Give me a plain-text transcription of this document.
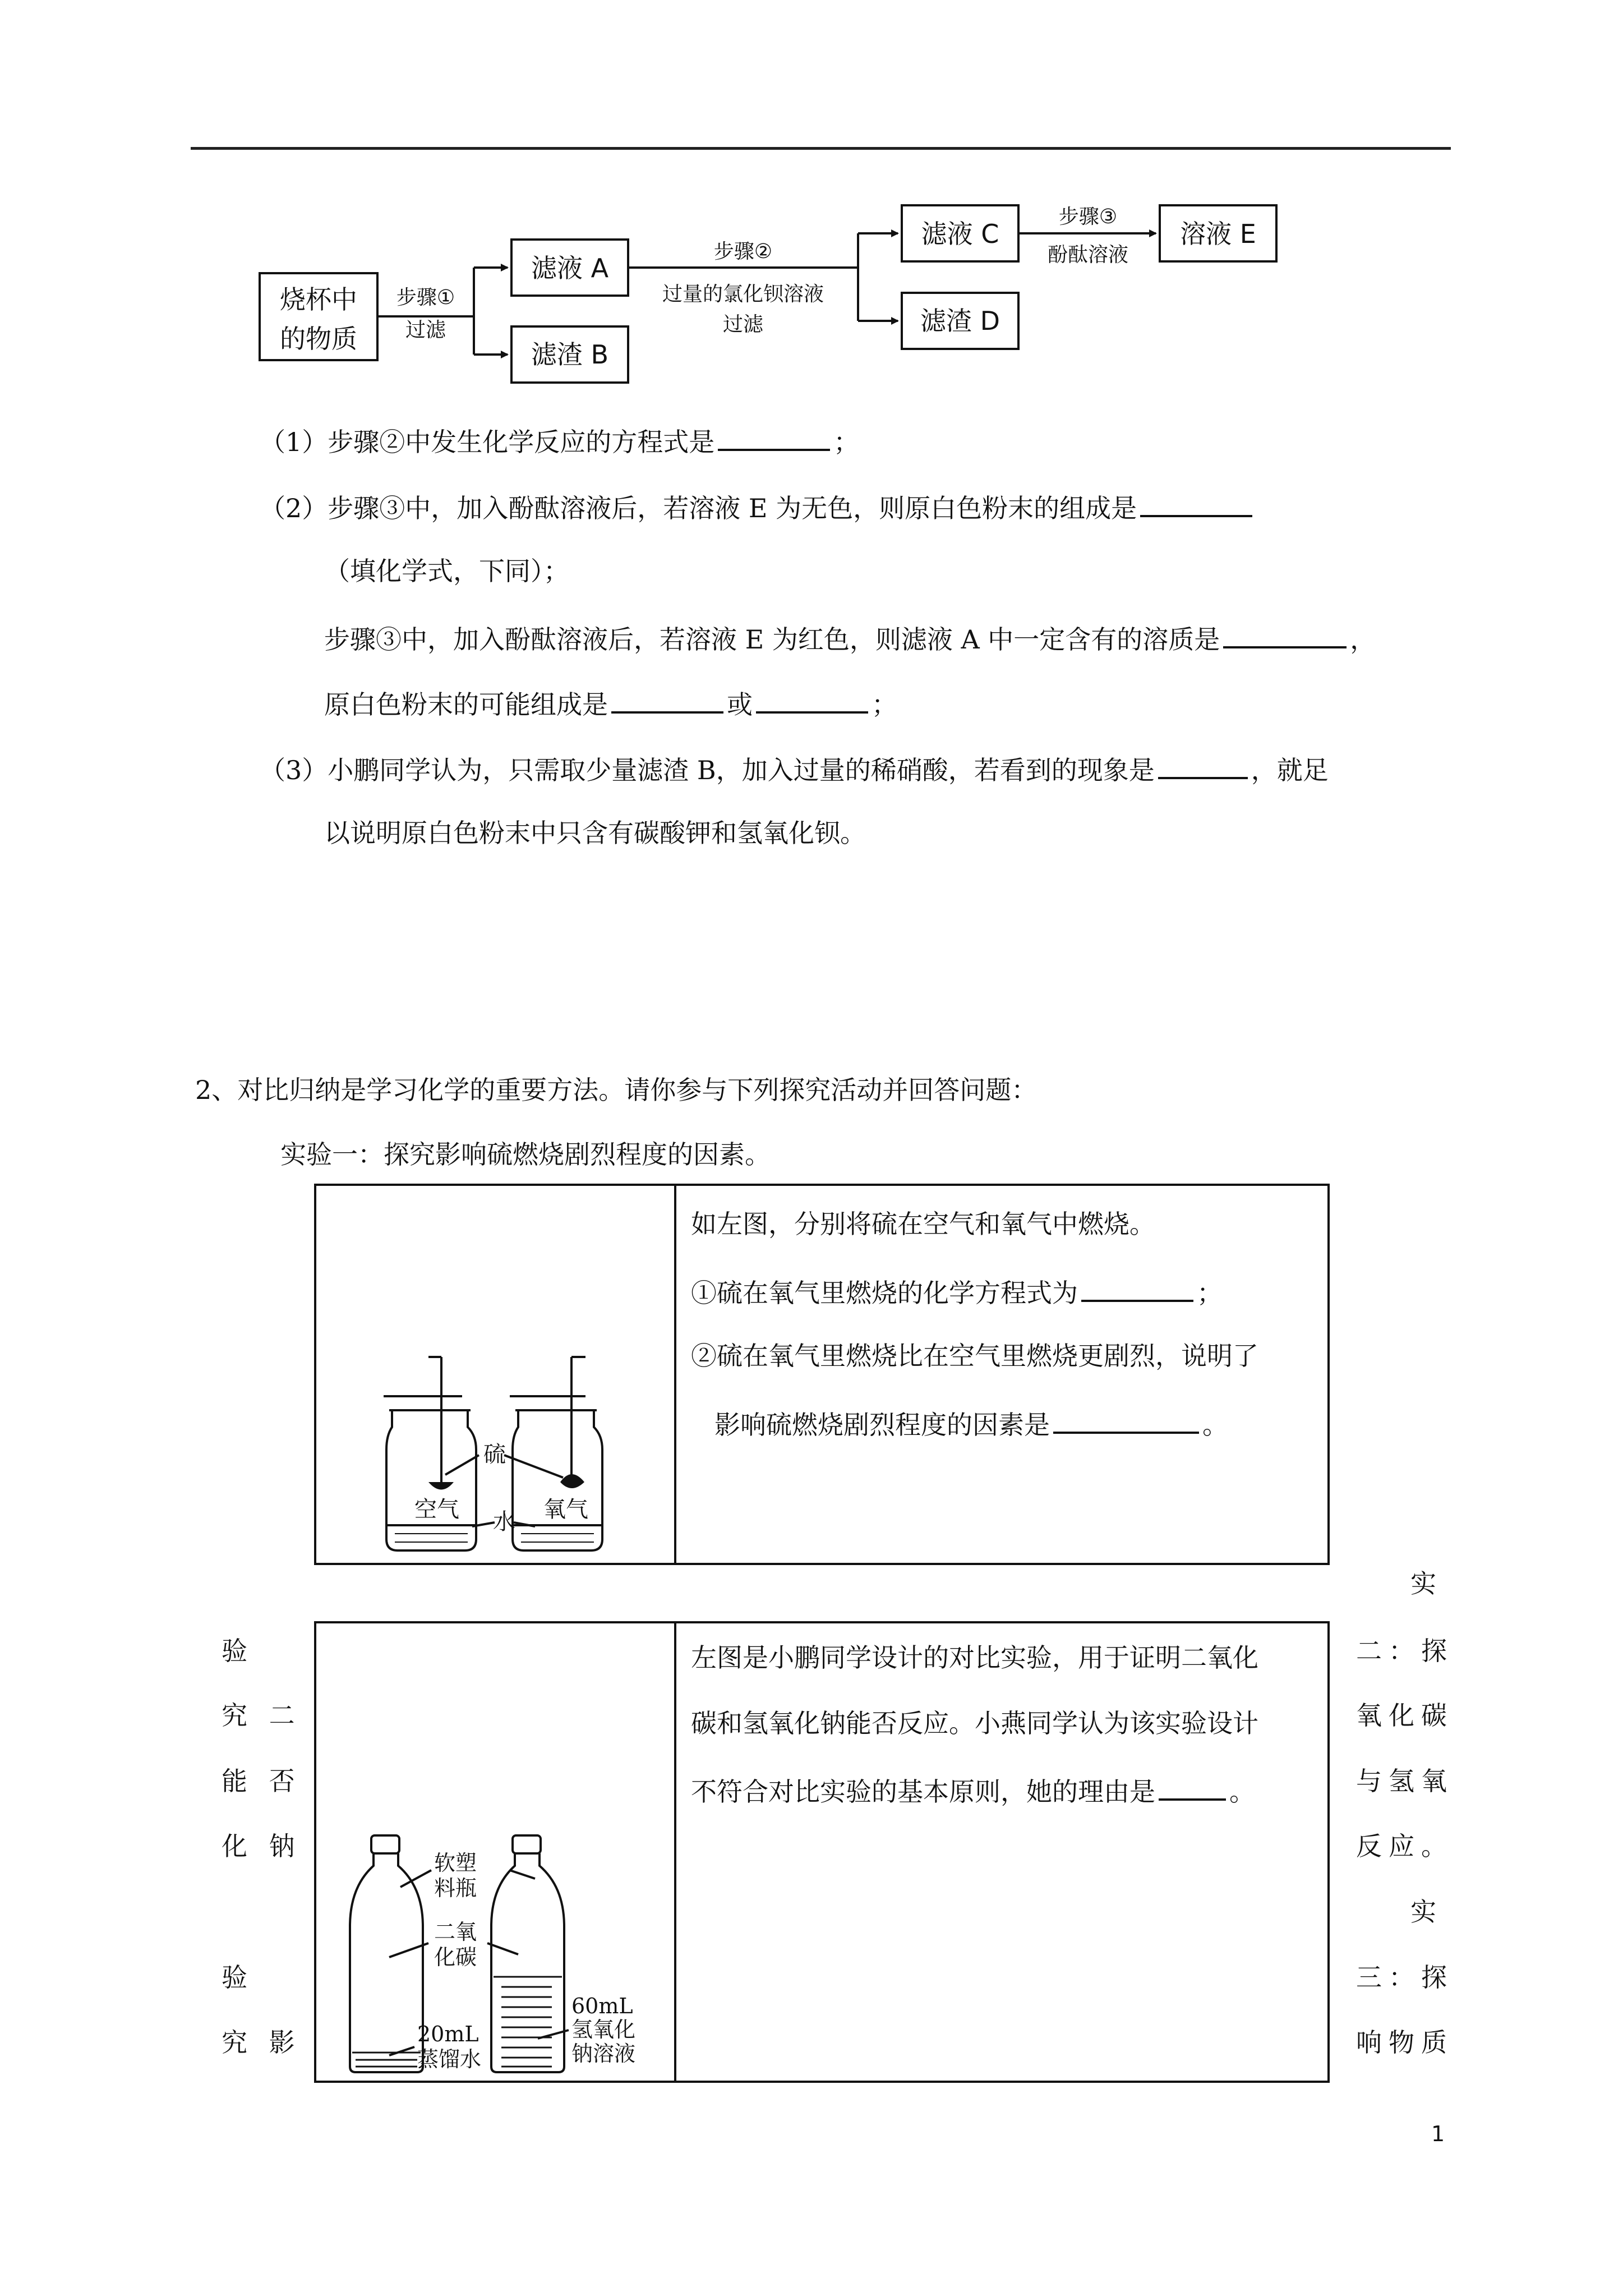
烧杯中
的物质
步骤①
过滤
滤液 A
滤渣 B
步骤②
过量的氯化钡溶液
过滤
滤液 C
滤渣 D
步骤③
酚酞溶液
溶液 E
（1）步骤②中发生化学反应的方程式是	；
（2）步骤③中，加入酚酞溶液后，若溶液 E 为无色，则原白色粉末的组成是
（填化学式，下同）；
步骤③中，加入酚酞溶液后，若溶液 E 为红色，则滤液 A 中一定含有的溶质是	，
原白色粉末的可能组成是	或	；
（3）小鹏同学认为，只需取少量滤渣 B，加入过量的稀硝酸，若看到的现象是	，就足
以说明原白色粉末中只含有碳酸钾和氢氧化钡。
2、对比归纳是学习化学的重要方法。请你参与下列探究活动并回答问题：
实验一：探究影响硫燃烧剧烈程度的因素。
硫
空气 水 氧气
如左图，分别将硫在空气和氧气中燃烧。
①硫在氧气里燃烧的化学方程式为	；
②硫在氧气里燃烧比在空气里燃烧更剧烈，说明了
影响硫燃烧剧烈程度的因素是	。
验
究 二
能 否
化 钠
验
究 影
实
二：探
氧化碳
与氢氧
反应。
实
三：探
响物质
软塑
料瓶
二氧
化碳
20mL
蒸馏水
60mL
氢氧化
钠溶液
左图是小鹏同学设计的对比实验，用于证明二氧化
碳和氢氧化钠能否反应。小燕同学认为该实验设计
不符合对比实验的基本原则，她的理由是	。
1
